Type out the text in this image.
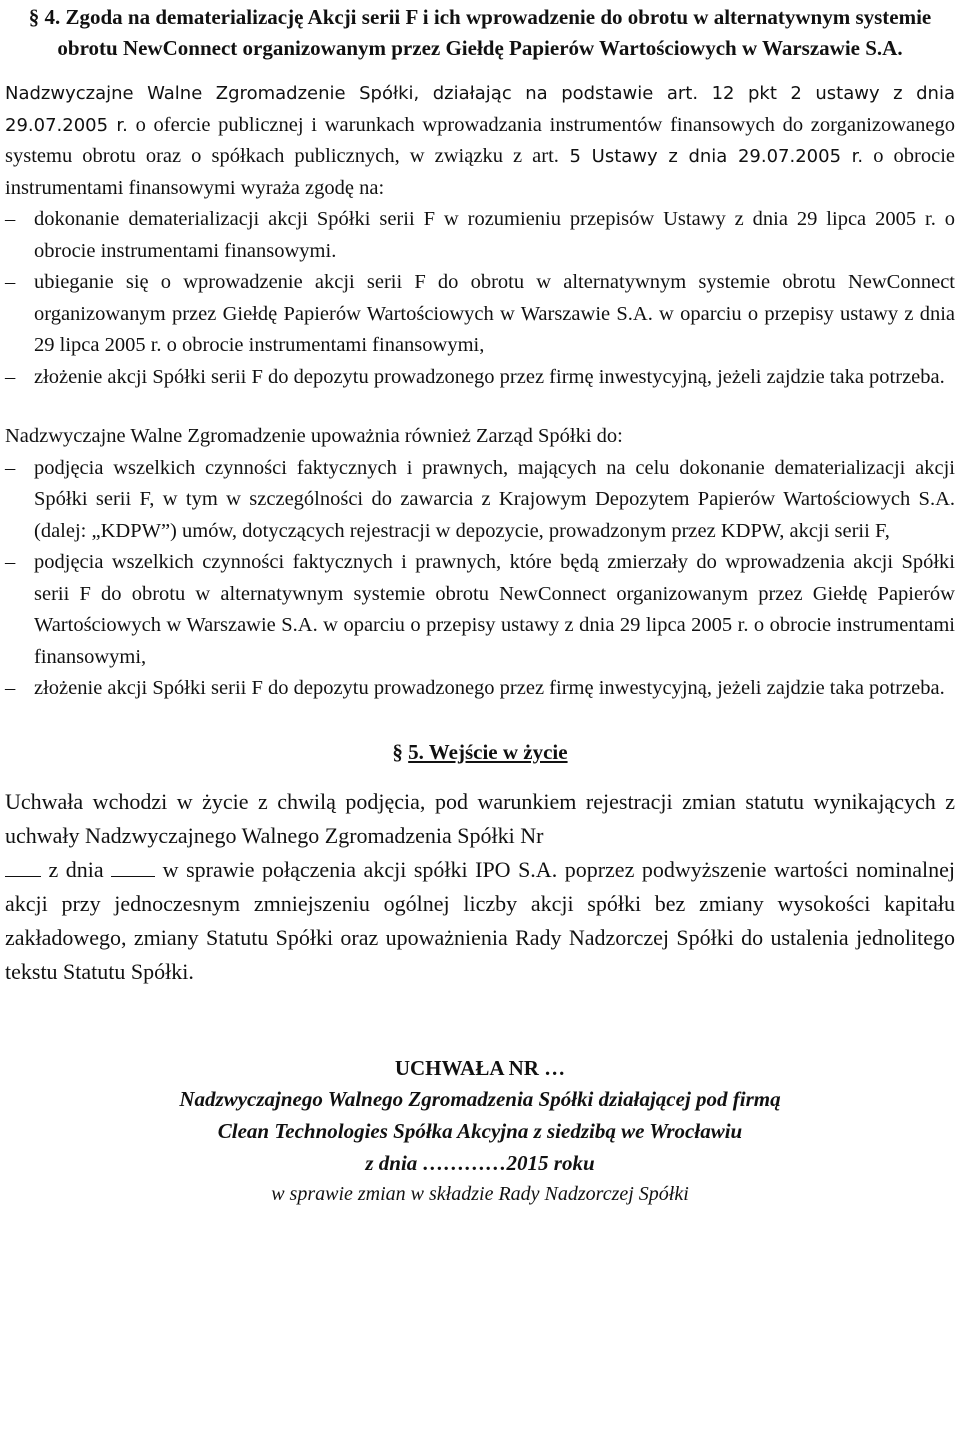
§ 4. Zgoda na dematerializację Akcji serii F i ich wprowadzenie do obrotu w alternatywnym systemie obrotu NewConnect organizowanym przez Giełdę Papierów Wartościowych w Warszawie S.A.

Nadzwyczajne Walne Zgromadzenie Spółki, działając na podstawie art. 12 pkt 2 ustawy z dnia 29.07.2005 r. o ofercie publicznej i warunkach wprowadzania instrumentów finansowych do zorganizowanego systemu obrotu oraz o spółkach publicznych, w związku z art. 5 Ustawy z dnia 29.07.2005 r. o obrocie instrumentami finansowymi wyraża zgodę na:

– dokonanie dematerializacji akcji Spółki serii F w rozumieniu przepisów Ustawy z dnia 29 lipca 2005 r. o obrocie instrumentami finansowymi.
– ubieganie się o wprowadzenie akcji serii F do obrotu w alternatywnym systemie obrotu NewConnect organizowanym przez Giełdę Papierów Wartościowych w Warszawie S.A. w oparciu o przepisy ustawy z dnia 29 lipca 2005 r. o obrocie instrumentami finansowymi,
– złożenie akcji Spółki serii F do depozytu prowadzonego przez firmę inwestycyjną, jeżeli zajdzie taka potrzeba.

Nadzwyczajne Walne Zgromadzenie upoważnia również Zarząd Spółki do:

– podjęcia wszelkich czynności faktycznych i prawnych, mających na celu dokonanie dematerializacji akcji Spółki serii F, w tym w szczególności do zawarcia z Krajowym Depozytem Papierów Wartościowych S.A. (dalej: „KDPW”) umów, dotyczących rejestracji w depozycie, prowadzonym przez KDPW, akcji serii F,
– podjęcia wszelkich czynności faktycznych i prawnych, które będą zmierzały do wprowadzenia akcji Spółki serii F do obrotu w alternatywnym systemie obrotu NewConnect organizowanym przez Giełdę Papierów Wartościowych w Warszawie S.A. w oparciu o przepisy ustawy z dnia 29 lipca 2005 r. o obrocie instrumentami finansowymi,
– złożenie akcji Spółki serii F do depozytu prowadzonego przez firmę inwestycyjną, jeżeli zajdzie taka potrzeba.
§ 5. Wejście w życie

Uchwała wchodzi w życie z chwilą podjęcia, pod warunkiem rejestracji zmian statutu wynikających z uchwały Nadzwyczajnego Walnego Zgromadzenia Spółki Nr
z dnia  w sprawie połączenia akcji spółki IPO S.A. poprzez podwyższenie wartości nominalnej akcji przy jednoczesnym zmniejszeniu ogólnej liczby akcji spółki bez zmiany wysokości kapitału zakładowego, zmiany Statutu Spółki oraz upoważnienia Rady Nadzorczej Spółki do ustalenia jednolitego tekstu Statutu Spółki.

UCHWAŁA NR …

Nadzwyczajnego Walnego Zgromadzenia Spółki działającej pod firmą

Clean Technologies Spółka Akcyjna z siedzibą we Wrocławiu

z dnia …………2015 roku

w sprawie zmian w składzie Rady Nadzorczej Spółki
